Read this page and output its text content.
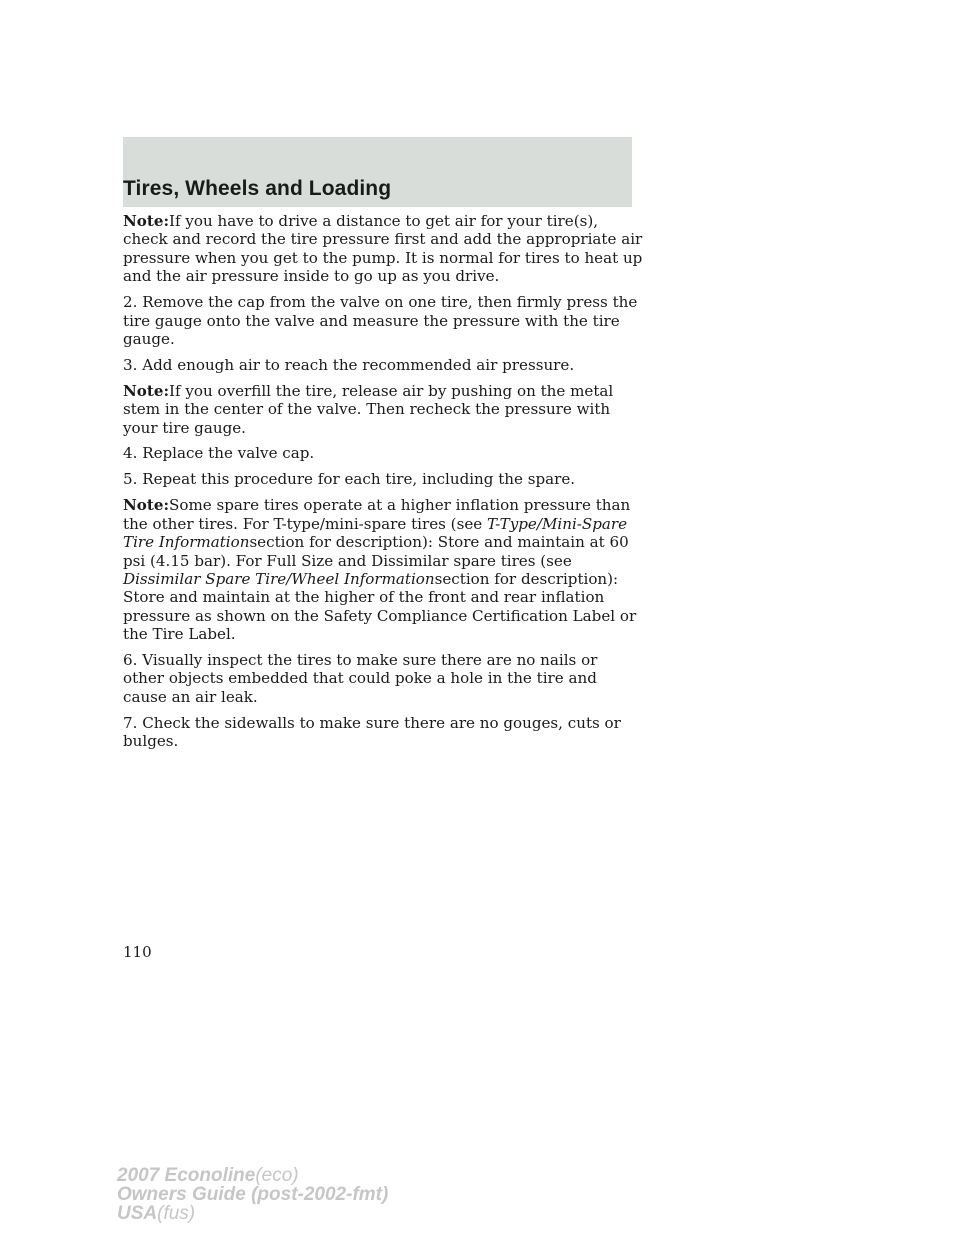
Tires, Wheels and Loading

Note:If you have to drive a distance to get air for your tire(s), check and record the tire pressure first and add the appropriate air pressure when you get to the pump. It is normal for tires to heat up and the air pressure inside to go up as you drive.

2. Remove the cap from the valve on one tire, then firmly press the tire gauge onto the valve and measure the pressure with the tire gauge.

3. Add enough air to reach the recommended air pressure.

Note:If you overfill the tire, release air by pushing on the metal stem in the center of the valve. Then recheck the pressure with your tire gauge.

4. Replace the valve cap.

5. Repeat this procedure for each tire, including the spare.

Note:Some spare tires operate at a higher inflation pressure than the other tires. For T-type/mini-spare tires (see T-Type/Mini-Spare Tire Informationsection for description): Store and maintain at 60 psi (4.15 bar). For Full Size and Dissimilar spare tires (see Dissimilar Spare Tire/Wheel Informationsection for description): Store and maintain at the higher of the front and rear inflation pressure as shown on the Safety Compliance Certification Label or the Tire Label.

6. Visually inspect the tires to make sure there are no nails or other objects embedded that could poke a hole in the tire and cause an air leak.

7. Check the sidewalls to make sure there are no gouges, cuts or bulges.

110
2007 Econoline(eco)
Owners Guide (post-2002-fmt)
USA(fus)
